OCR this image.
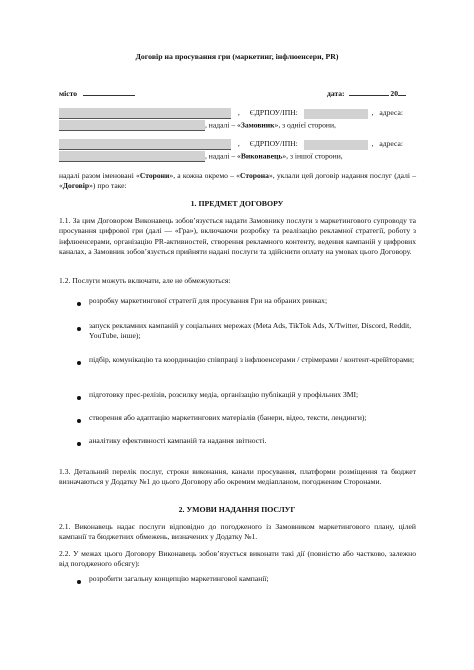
Договір на просування гри (маркетинг, інфлюенсери, PR)
місто	дата:	20
, ЄДРПОУ/ІПН:	, адреса:
, надалі – «Замовник», з однієї сторони,
, ЄДРПОУ/ІПН:	, адреса:
, надалі – «Виконавець», з іншої сторони,
надалі разом іменовані «Сторони», а кожна окремо – «Сторона», уклали цей договір надання послуг (далі – «Договір») про таке:
1. ПРЕДМЕТ ДОГОВОРУ
1.1. За цим Договором Виконавець зобов’язується надати Замовнику послуги з маркетингового супроводу та просування цифрової гри (далі — «Гра»), включаючи розробку та реалізацію рекламної стратегії, роботу з інфлюенсерами, організацію PR-активностей, створення рекламного контенту, ведення кампаній у цифрових каналах, а Замовник зобов’язується прийняти надані послуги та здійснити оплату на умовах цього Договору.
1.2. Послуги можуть включати, але не обмежуються:
розробку маркетингової стратегії для просування Гри на обраних ринках;
запуск рекламних кампаній у соціальних мережах (Meta Ads, TikTok Ads, X/Twitter, Discord, Reddit, YouTube, інше);
підбір, комунікацію та координацію співпраці з інфлюенсерами / стрімерами / контент-креїйторами;
підготовку прес-релізів, розсилку медіа, організацію публікацій у профільних ЗМІ;
створення або адаптацію маркетингових матеріалів (банери, відео, тексти, лендинги);
аналітику ефективності кампаній та надання звітності.
1.3. Детальний перелік послуг, строки виконання, канали просування, платформи розміщення та бюджет визначаються у Додатку №1 до цього Договору або окремим медіапланом, погодженим Сторонами.
2. УМОВИ НАДАННЯ ПОСЛУГ
2.1. Виконавець надає послуги відповідно до погодженого із Замовником маркетингового плану, цілей кампанії та бюджетних обмежень, визначених у Додатку №1.
2.2. У межах цього Договору Виконавець зобов’язується виконати такі дії (повністю або частково, залежно від погодженого обсягу):
розробити загальну концепцію маркетингової кампанії;
